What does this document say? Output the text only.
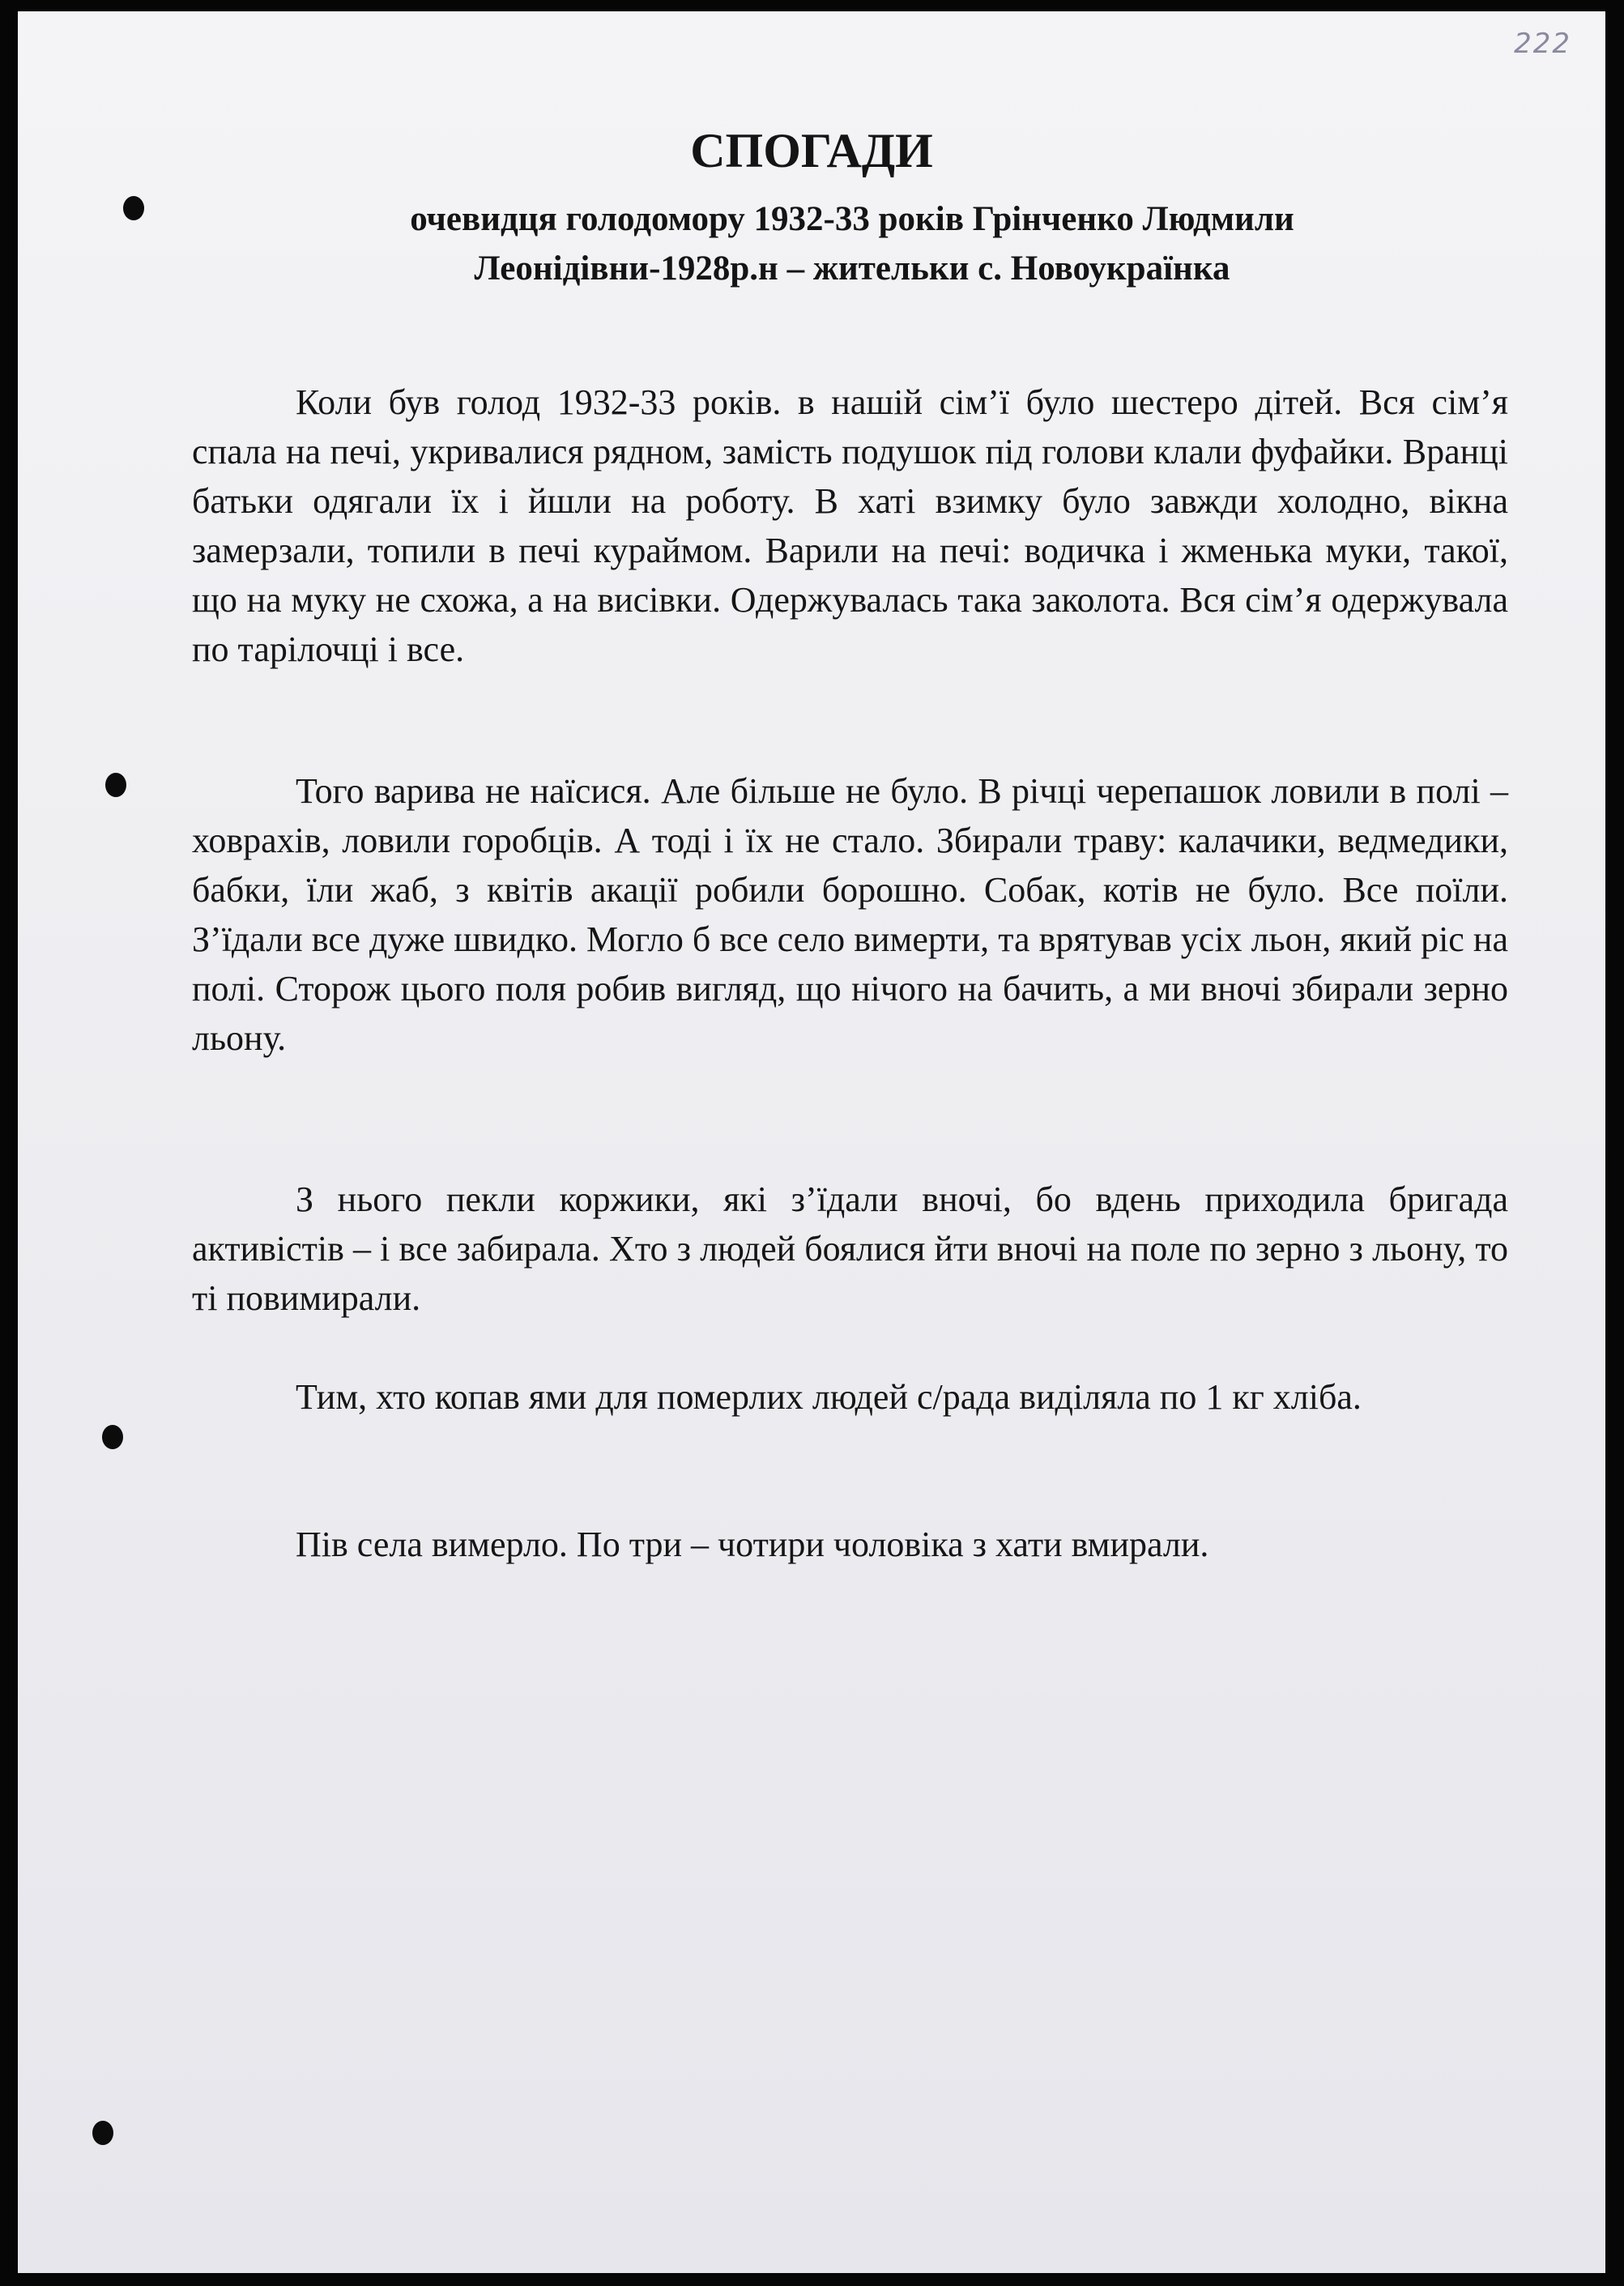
222
СПОГАДИ

очевидця голодомору 1932-33 років Грінченко Людмили Леонідівни-1928р.н – жительки с. Новоукраїнка

Коли був голод 1932-33 років. в нашій сім’ї було шестеро дітей. Вся сім’я спала на печі, укривалися рядном, замість подушок під голови клали фуфайки. Вранці батьки одягали їх і йшли на роботу. В хаті взимку було завжди холодно, вікна замерзали, топили в печі кураймом. Варили на печі: водичка і жменька муки, такої, що на муку не схожа, а на висівки. Одержувалась така заколота. Вся сім’я одержувала по тарілочці і все.

Того варива не наїсися. Але більше не було. В річці черепашок ловили в полі – ховрахів, ловили горобців. А тоді і їх не стало. Збирали траву: калачики, ведмедики, бабки, їли жаб, з квітів акації робили борошно. Собак, котів не було. Все поїли. З’їдали все дуже швидко. Могло б все село вимерти, та врятував усіх льон, який ріс на полі. Сторож цього поля робив вигляд, що нічого на бачить, а ми вночі збирали зерно льону.

З нього пекли коржики, які з’їдали вночі, бо вдень приходила бригада активістів – і все забирала. Хто з людей боялися йти вночі на поле по зерно з льону, то ті повимирали.

Тим, хто копав ями для померлих людей с/рада виділяла по 1 кг хліба.

Пів села вимерло. По три – чотири чоловіка з хати вмирали.
